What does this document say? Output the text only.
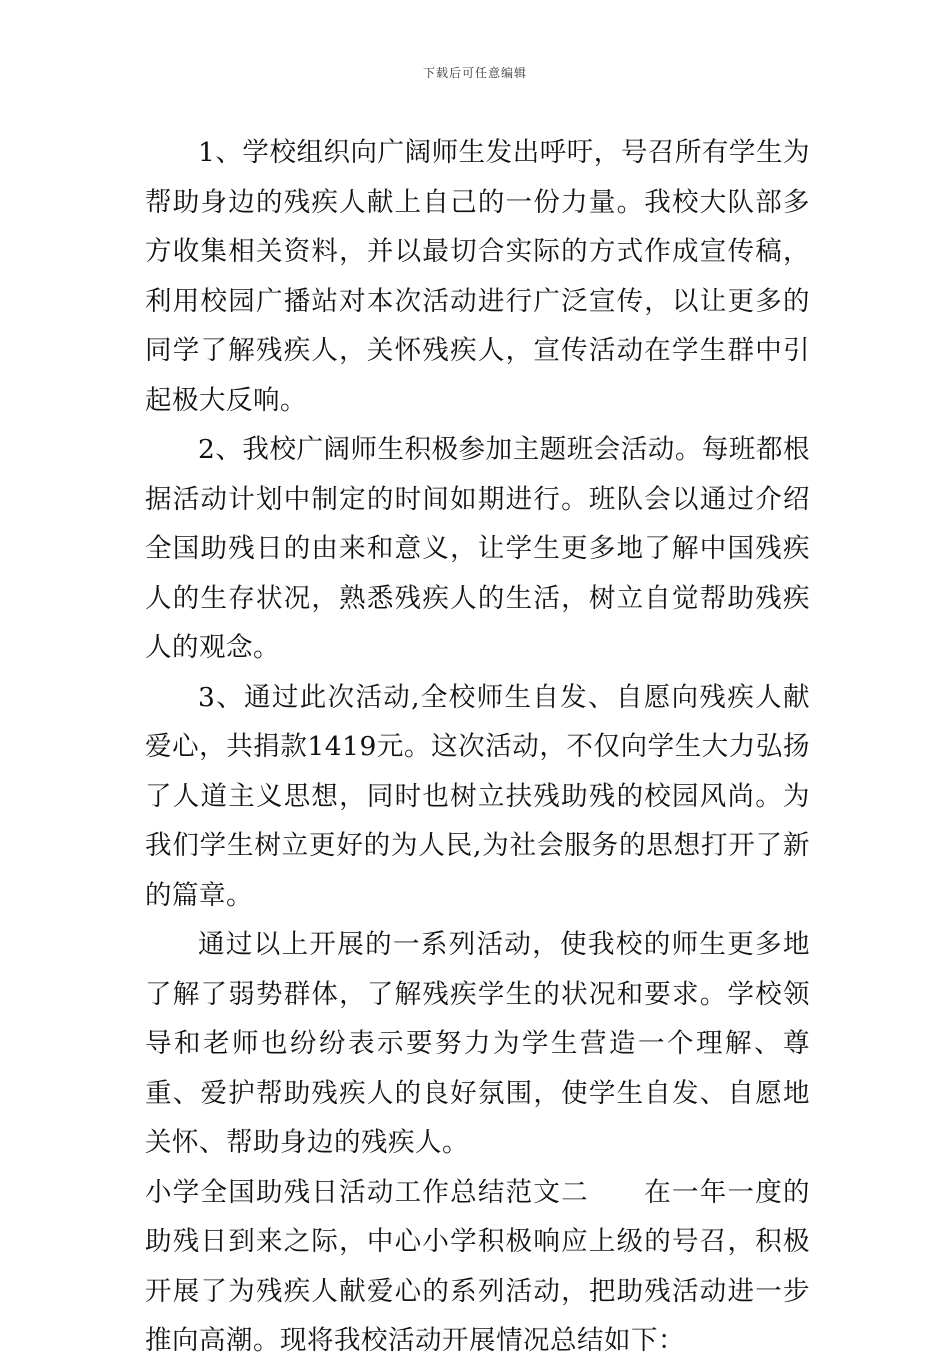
下载后可任意编辑

1、学校组织向广阔师生发出呼吁，号召所有学生为帮助身边的残疾人献上自己的一份力量。我校大队部多方收集相关资料，并以最切合实际的方式作成宣传稿，利用校园广播站对本次活动进行广泛宣传，以让更多的同学了解残疾人，关怀残疾人，宣传活动在学生群中引起极大反响。

2、我校广阔师生积极参加主题班会活动。每班都根据活动计划中制定的时间如期进行。班队会以通过介绍全国助残日的由来和意义，让学生更多地了解中国残疾人的生存状况，熟悉残疾人的生活，树立自觉帮助残疾人的观念。

3、通过此次活动,全校师生自发、自愿向残疾人献爱心，共捐款1419元。这次活动，不仅向学生大力弘扬了人道主义思想，同时也树立扶残助残的校园风尚。为我们学生树立更好的为人民,为社会服务的思想打开了新的篇章。

通过以上开展的一系列活动，使我校的师生更多地了解了弱势群体，了解残疾学生的状况和要求。学校领导和老师也纷纷表示要努力为学生营造一个理解、尊重、爱护帮助残疾人的良好氛围，使学生自发、自愿地关怀、帮助身边的残疾人。

小学全国助残日活动工作总结范文二　　在一年一度的助残日到来之际，中心小学积极响应上级的号召，积极开展了为残疾人献爱心的系列活动，把助残活动进一步推向高潮。现将我校活动开展情况总结如下：
